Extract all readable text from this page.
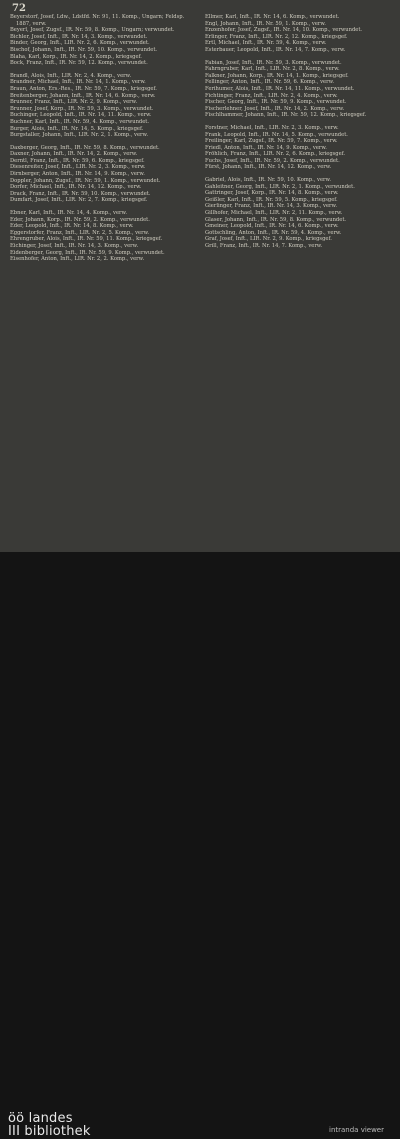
72

Beyerstorf, Josef, Ldw., Ldstfd. Nr. 91, 11. Komp., Ungarn; Feldsp. 1887, verw.

Beyerl, Josef, Zugsf., IR. Nr. 59, 8. Komp., Ungarn; verwundet.

Bichler, Josef, Inft., IR. Nr. 14, 3. Komp., verwundet.

Binder, Georg, Inft., LIR. Nr. 2, 6. Komp., verwundet.

Bischof, Johann, Inft., IR. Nr. 59, 10. Komp., verwundet.

Blaha, Karl, Korp., IR. Nr. 14, 2. Komp., kriegsgef.

Bock, Franz, Inft., IR. Nr. 59, 12. Komp., verwundet.

Brandl, Alois, Inft., LIR. Nr. 2, 4. Komp., verw.

Brandner, Michael, Inft., IR. Nr. 14, 1. Komp., verw.

Braun, Anton, Ers.-Res., IR. Nr. 59, 7. Komp., kriegsgef.

Breitenberger, Johann, Inft., IR. Nr. 14, 6. Komp., verw.

Brunner, Franz, Inft., LIR. Nr. 2, 9. Komp., verw.

Brunner, Josef, Korp., IR. Nr. 59, 3. Komp., verwundet.

Buchinger, Leopold, Inft., IR. Nr. 14, 11. Komp., verw.

Buchner, Karl, Inft., IR. Nr. 59, 4. Komp., verwundet.

Burger, Alois, Inft., IR. Nr. 14, 5. Komp., kriegsgef.

Burgstaller, Johann, Inft., LIR. Nr. 2, 1. Komp., verw.

Daxberger, Georg, Inft., IR. Nr. 59, 8. Komp., verwundet.

Daxner, Johann, Inft., IR. Nr. 14, 2. Komp., verw.

Derntl, Franz, Inft., IR. Nr. 59, 6. Komp., kriegsgef.

Diesenreiter, Josef, Inft., LIR. Nr. 2, 3. Komp., verw.

Dirnberger, Anton, Inft., IR. Nr. 14, 9. Komp., verw.

Doppler, Johann, Zugsf., IR. Nr. 59, 1. Komp., verwundet.

Dorfer, Michael, Inft., IR. Nr. 14, 12. Komp., verw.

Drack, Franz, Inft., IR. Nr. 59, 10. Komp., verwundet.

Dumfart, Josef, Inft., LIR. Nr. 2, 7. Komp., kriegsgef.

Ebner, Karl, Inft., IR. Nr. 14, 4. Komp., verw.

Eder, Johann, Korp., IR. Nr. 59, 2. Komp., verwundet.

Eder, Leopold, Inft., IR. Nr. 14, 8. Komp., verw.

Eggerstorfer, Franz, Inft., LIR. Nr. 2, 5. Komp., verw.

Ehrengruber, Alois, Inft., IR. Nr. 59, 11. Komp., kriegsgef.

Eichinger, Josef, Inft., IR. Nr. 14, 3. Komp., verw.

Eidenberger, Georg, Inft., IR. Nr. 59, 9. Komp., verwundet.

Eisenhofer, Anton, Inft., LIR. Nr. 2, 2. Komp., verw.

Ellmer, Karl, Inft., IR. Nr. 14, 6. Komp., verwundet.

Engl, Johann, Inft., IR. Nr. 59, 1. Komp., verw.

Enzenhofer, Josef, Zugsf., IR. Nr. 14, 10. Komp., verwundet.

Erlinger, Franz, Inft., LIR. Nr. 2, 12. Komp., kriegsgef.

Ertl, Michael, Inft., IR. Nr. 59, 4. Komp., verw.

Esterbauer, Leopold, Inft., IR. Nr. 14, 7. Komp., verw.

Fabian, Josef, Inft., IR. Nr. 59, 3. Komp., verwundet.

Fahrngruber, Karl, Inft., LIR. Nr. 2, 8. Komp., verw.

Falkner, Johann, Korp., IR. Nr. 14, 1. Komp., kriegsgef.

Fellinger, Anton, Inft., IR. Nr. 59, 6. Komp., verw.

Ferihumer, Alois, Inft., IR. Nr. 14, 11. Komp., verwundet.

Fichtinger, Franz, Inft., LIR. Nr. 2, 4. Komp., verw.

Fischer, Georg, Inft., IR. Nr. 59, 9. Komp., verwundet.

Fischerlehner, Josef, Inft., IR. Nr. 14, 2. Komp., verw.

Fischlhammer, Johann, Inft., IR. Nr. 59, 12. Komp., kriegsgef.

Forstner, Michael, Inft., LIR. Nr. 2, 3. Komp., verw.

Frank, Leopold, Inft., IR. Nr. 14, 5. Komp., verwundet.

Freilinger, Karl, Zugsf., IR. Nr. 59, 7. Komp., verw.

Friedl, Anton, Inft., IR. Nr. 14, 9. Komp., verw.

Fröhlich, Franz, Inft., LIR. Nr. 2, 6. Komp., kriegsgef.

Fuchs, Josef, Inft., IR. Nr. 59, 2. Komp., verwundet.

Fürst, Johann, Inft., IR. Nr. 14, 12. Komp., verw.

Gabriel, Alois, Inft., IR. Nr. 59, 10. Komp., verw.

Gahleitner, Georg, Inft., LIR. Nr. 2, 1. Komp., verwundet.

Gattringer, Josef, Korp., IR. Nr. 14, 8. Komp., verw.

Geißler, Karl, Inft., IR. Nr. 59, 5. Komp., kriegsgef.

Gierlinger, Franz, Inft., IR. Nr. 14, 3. Komp., verw.

Gillhofer, Michael, Inft., LIR. Nr. 2, 11. Komp., verw.

Glaser, Johann, Inft., IR. Nr. 59, 8. Komp., verwundet.

Gmeiner, Leopold, Inft., IR. Nr. 14, 6. Komp., verw.

Gottschling, Anton, Inft., IR. Nr. 59, 4. Komp., verw.

Graf, Josef, Inft., LIR. Nr. 2, 9. Komp., kriegsgef.

Grill, Franz, Inft., IR. Nr. 14, 7. Komp., verw.

öö landes
III bibliothek	intranda viewer
